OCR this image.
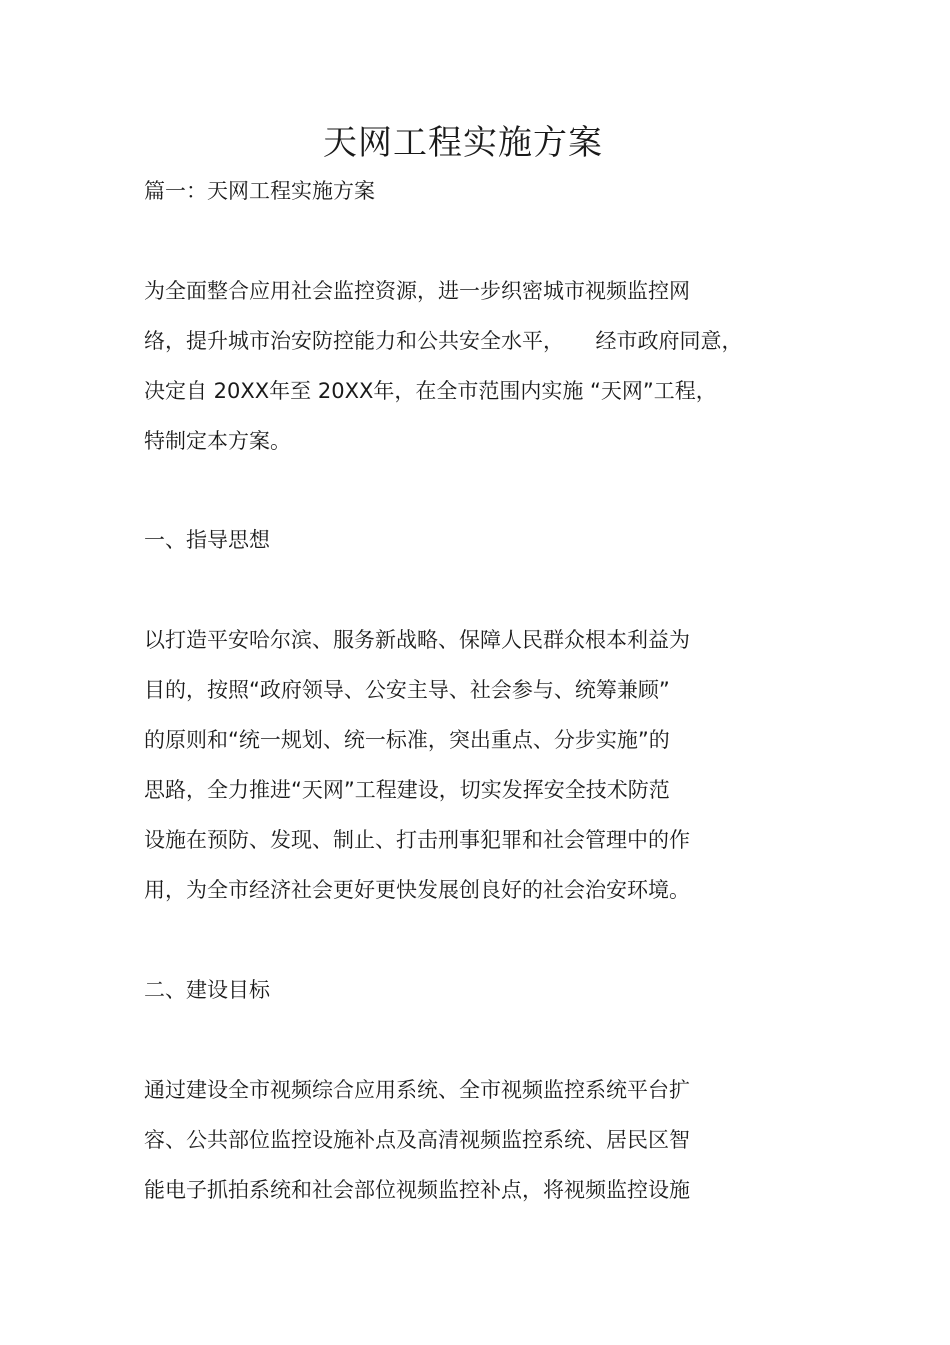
天网工程实施方案
篇一：天网工程实施方案
为全面整合应用社会监控资源，进一步织密城市视频监控网
络，提升城市治安防控能力和公共安全水平，　　经市政府同意，
决定自 20XX年至 20XX年，在全市范围内实施 “天网”工程，
特制定本方案。
一、指导思想
以打造平安哈尔滨、服务新战略、保障人民群众根本利益为
目的，按照“政府领导、公安主导、社会参与、统筹兼顾”
的原则和“统一规划、统一标准，突出重点、分步实施”的
思路，全力推进“天网”工程建设，切实发挥安全技术防范
设施在预防、发现、制止、打击刑事犯罪和社会管理中的作
用，为全市经济社会更好更快发展创良好的社会治安环境。
二、建设目标
通过建设全市视频综合应用系统、全市视频监控系统平台扩
容、公共部位监控设施补点及高清视频监控系统、居民区智
能电子抓拍系统和社会部位视频监控补点，将视频监控设施
